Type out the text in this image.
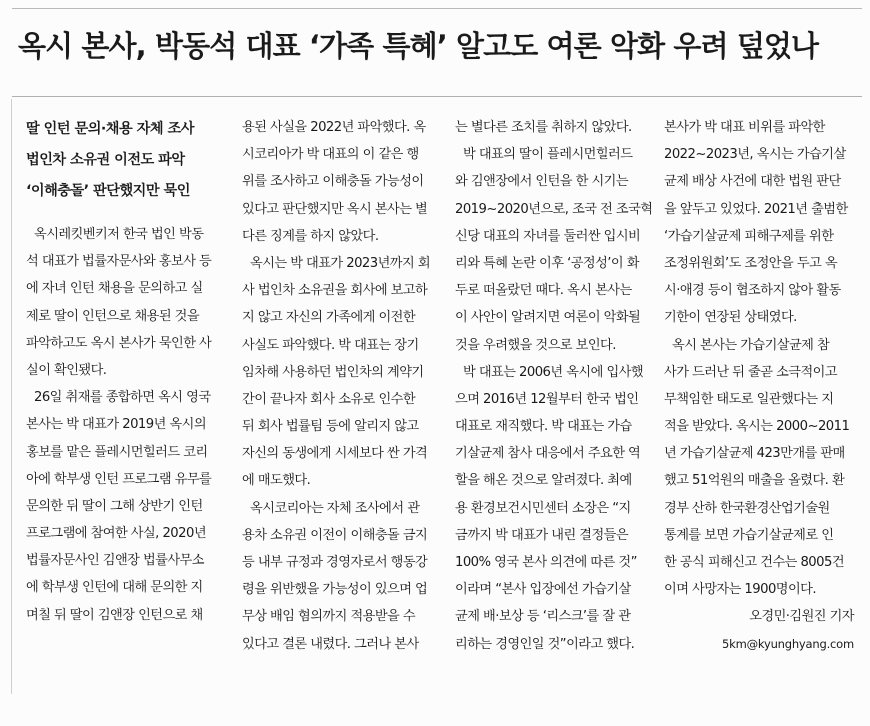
옥시 본사, 박동석 대표 ‘가족 특혜’ 알고도 여론 악화 우려 덮었나
딸 인턴 문의·채용 자체 조사
법인차 소유권 이전도 파악
‘이해충돌’ 판단했지만 묵인
옥시레킷벤키저 한국 법인 박동
석 대표가 법률자문사와 홍보사 등
에 자녀 인턴 채용을 문의하고 실
제로 딸이 인턴으로 채용된 것을
파악하고도 옥시 본사가 묵인한 사
실이 확인됐다.
26일 취재를 종합하면 옥시 영국
본사는 박 대표가 2019년 옥시의
홍보를 맡은 플레시먼힐러드 코리
아에 학부생 인턴 프로그램 유무를
문의한 뒤 딸이 그해 상반기 인턴
프로그램에 참여한 사실, 2020년
법률자문사인 김앤장 법률사무소
에 학부생 인턴에 대해 문의한 지
며칠 뒤 딸이 김앤장 인턴으로 채
용된 사실을 2022년 파악했다. 옥
시코리아가 박 대표의 이 같은 행
위를 조사하고 이해충돌 가능성이
있다고 판단했지만 옥시 본사는 별
다른 징계를 하지 않았다.
옥시는 박 대표가 2023년까지 회
사 법인차 소유권을 회사에 보고하
지 않고 자신의 가족에게 이전한
사실도 파악했다. 박 대표는 장기
임차해 사용하던 법인차의 계약기
간이 끝나자 회사 소유로 인수한
뒤 회사 법률팀 등에 알리지 않고
자신의 동생에게 시세보다 싼 가격
에 매도했다.
옥시코리아는 자체 조사에서 관
용차 소유권 이전이 이해충돌 금지
등 내부 규정과 경영자로서 행동강
령을 위반했을 가능성이 있으며 업
무상 배임 혐의까지 적용받을 수
있다고 결론 내렸다. 그러나 본사
는 별다른 조치를 취하지 않았다.
박 대표의 딸이 플레시먼힐러드
와 김앤장에서 인턴을 한 시기는
2019~2020년으로, 조국 전 조국혁
신당 대표의 자녀를 둘러싼 입시비
리와 특혜 논란 이후 ‘공정성’이 화
두로 떠올랐던 때다. 옥시 본사는
이 사안이 알려지면 여론이 악화될
것을 우려했을 것으로 보인다.
박 대표는 2006년 옥시에 입사했
으며 2016년 12월부터 한국 법인
대표로 재직했다. 박 대표는 가습
기살균제 참사 대응에서 주요한 역
할을 해온 것으로 알려졌다. 최예
용 환경보건시민센터 소장은 “지
금까지 박 대표가 내린 결정들은
100% 영국 본사 의견에 따른 것”
이라며 “본사 입장에선 가습기살
균제 배·보상 등 ‘리스크’를 잘 관
리하는 경영인일 것”이라고 했다.
본사가 박 대표 비위를 파악한
2022~2023년, 옥시는 가습기살
균제 배상 사건에 대한 법원 판단
을 앞두고 있었다. 2021년 출범한
‘가습기살균제 피해구제를 위한
조정위원회’도 조정안을 두고 옥
시·애경 등이 협조하지 않아 활동
기한이 연장된 상태였다.
옥시 본사는 가습기살균제 참
사가 드러난 뒤 줄곧 소극적이고
무책임한 태도로 일관했다는 지
적을 받았다. 옥시는 2000~2011
년 가습기살균제 423만개를 판매
했고 51억원의 매출을 올렸다. 환
경부 산하 한국환경산업기술원
통계를 보면 가습기살균제로 인
한 공식 피해신고 건수는 8005건
이며 사망자는 1900명이다.
오경민·김원진 기자
5km@kyunghyang.com
